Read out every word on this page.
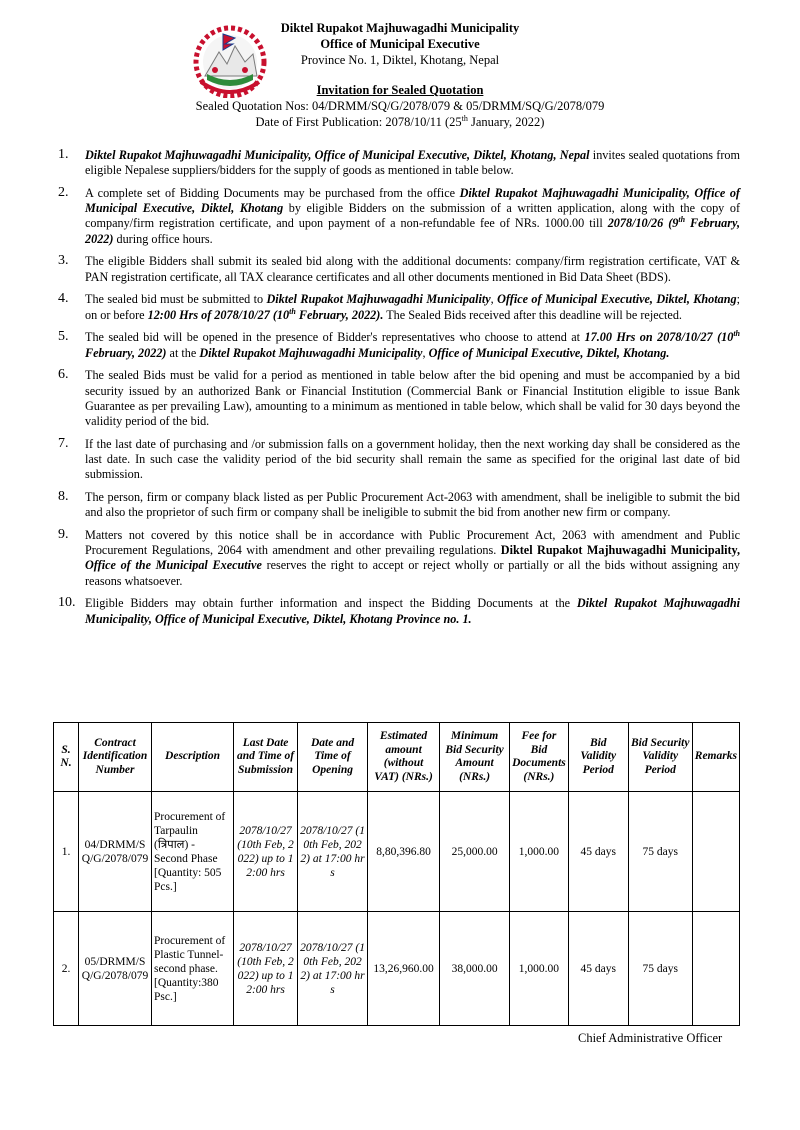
Diktel Rupakot Majhuwagadhi Municipality
Office of Municipal Executive
Province No. 1, Diktel, Khotang, Nepal
Invitation for Sealed Quotation
Sealed Quotation Nos: 04/DRMM/SQ/G/2078/079 & 05/DRMM/SQ/G/2078/079
Date of First Publication: 2078/10/11 (25th January, 2022)
1. Diktel Rupakot Majhuwagadhi Municipality, Office of Municipal Executive, Diktel, Khotang, Nepal invites sealed quotations from eligible Nepalese suppliers/bidders for the supply of goods as mentioned in table below.

2. A complete set of Bidding Documents may be purchased from the office Diktel Rupakot Majhuwagadhi Municipality, Office of Municipal Executive, Diktel, Khotang by eligible Bidders on the submission of a written application, along with the copy of company/firm registration certificate, and upon payment of a non-refundable fee of NRs. 1000.00 till 2078/10/26 (9th February, 2022) during office hours.

3. The eligible Bidders shall submit its sealed bid along with the additional documents: company/firm registration certificate, VAT & PAN registration certificate, all TAX clearance certificates and all other documents mentioned in Bid Data Sheet (BDS).

4. The sealed bid must be submitted to Diktel Rupakot Majhuwagadhi Municipality, Office of Municipal Executive, Diktel, Khotang; on or before 12:00 Hrs of 2078/10/27 (10th February, 2022). The Sealed Bids received after this deadline will be rejected.

5. The sealed bid will be opened in the presence of Bidder's representatives who choose to attend at 17.00 Hrs on 2078/10/27 (10th February, 2022) at the Diktel Rupakot Majhuwagadhi Municipality, Office of Municipal Executive, Diktel, Khotang.

6. The sealed Bids must be valid for a period as mentioned in table below after the bid opening and must be accompanied by a bid security issued by an authorized Bank or Financial Institution (Commercial Bank or Financial Institution eligible to issue Bank Guarantee as per prevailing Law), amounting to a minimum as mentioned in table below, which shall be valid for 30 days beyond the validity period of the bid.

7. If the last date of purchasing and /or submission falls on a government holiday, then the next working day shall be considered as the last date. In such case the validity period of the bid security shall remain the same as specified for the original last date of bid submission.

8. The person, firm or company black listed as per Public Procurement Act-2063 with amendment, shall be ineligible to submit the bid and also the proprietor of such firm or company shall be ineligible to submit the bid from another new firm or company.

9. Matters not covered by this notice shall be in accordance with Public Procurement Act, 2063 with amendment and Public Procurement Regulations, 2064 with amendment and other prevailing regulations. Diktel Rupakot Majhuwagadhi Municipality, Office of the Municipal Executive reserves the right to accept or reject wholly or partially or all the bids without assigning any reasons whatsoever.

10. Eligible Bidders may obtain further information and inspect the Bidding Documents at the Diktel Rupakot Majhuwagadhi Municipality, Office of Municipal Executive, Diktel, Khotang Province no. 1.

S. N.	Contract Identification Number	Description	Last Date and Time of Submission	Date and Time of Opening	Estimated amount (without VAT) (NRs.)	Minimum Bid Security Amount (NRs.)	Fee for Bid Documents (NRs.)	Bid Validity Period	Bid Security Validity Period	Remarks
1.	04/DRMM/SQ/G/2078/079	Procurement of Tarpaulin (त्रिपाल) - Second Phase [Quantity: 505 Pcs.]	2078/10/27 (10th Feb, 2022) up to 12:00 hrs	2078/10/27 (10th Feb, 2022) at 17:00 hrs	8,80,396.80	25,000.00	1,000.00	45 days	75 days	
2.	05/DRMM/SQ/G/2078/079	Procurement of Plastic Tunnel-second phase. [Quantity:380 Psc.]	2078/10/27 (10th Feb, 2022) up to 12:00 hrs	2078/10/27 (10th Feb, 2022) at 17:00 hrs	13,26,960.00	38,000.00	1,000.00	45 days	75 days	
Chief Administrative Officer
